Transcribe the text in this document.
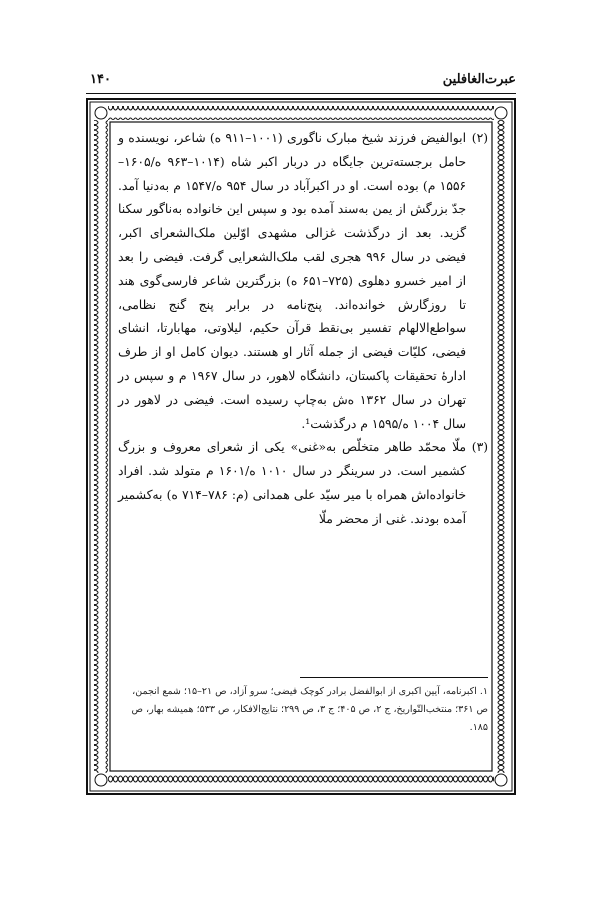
عبرت‌الغافلین
۱۴۰
(۲)
ابوالفیض فرزند شیخ مبارک ناگوری (۱۰۰۱–۹۱۱ ه) شاعر، نویسنده و حامل برجسته‌ترین جایگاه در دربار اکبر شاه (۱۰۱۴–۹۶۳ ه/۱۶۰۵–۱۵۵۶ م) بوده است. او در اکبرآباد در سال ۹۵۴ ه/۱۵۴۷ م به‌دنیا آمد. جدّ بزرگش از یمن به‌سند آمده بود و سپس این خانواده به‌ناگور سکنا گزید. بعد از درگذشت غزالی مشهدی اوّلین ملک‌الشعرای اکبر، فیضی در سال ۹۹۶ هجری لقب ملک‌الشعرایی گرفت. فیضی را بعد از امیر خسرو دهلوی (۷۲۵–۶۵۱ ه) بزرگترین شاعر فارسی‌گوی هند تا روزگارش خوانده‌اند. پنج‌نامه در برابر پنج گنج نظامی، سواطع‌الالهام تفسیر بی‌نقط قرآن حکیم، لیلاوتی، مهابارتا، انشای فیضی، کلیّات فیضی از جمله آثار او هستند. دیوان کامل او از طرف ادارهٔ تحقیقات پاکستان، دانشگاه لاهور، در سال ۱۹۶۷ م و سپس در تهران در سال ۱۳۶۲ ه‌ش به‌چاپ رسیده است. فیضی در لاهور در سال ۱۰۰۴ ه/۱۵۹۵ م درگذشت¹.
(۳)
ملّا محمّد طاهر متخلّص به«غنی» یکی از شعرای معروف و بزرگ کشمیر است. در سرینگر در سال ۱۰۱۰ ه/۱۶۰۱ م متولد شد. افراد خانواده‌اش همراه با میر سیّد علی همدانی (م: ۷۸۶–۷۱۴ ه) به‌کشمیر آمده بودند. غنی از محضر ملّا
۱. اکبرنامه، آیین اکبری از ابوالفضل برادر کوچک فیضی؛ سرو آزاد، ص ۲۱–۱۵؛ شمع انجمن، ص ۳۶۱؛ منتخب‌التّواریخ، ج ۲، ص ۴۰۵؛ ج ۳، ص ۲۹۹؛ نتایج‌الافکار، ص ۵۳۳؛ همیشه بهار، ص ۱۸۵.
